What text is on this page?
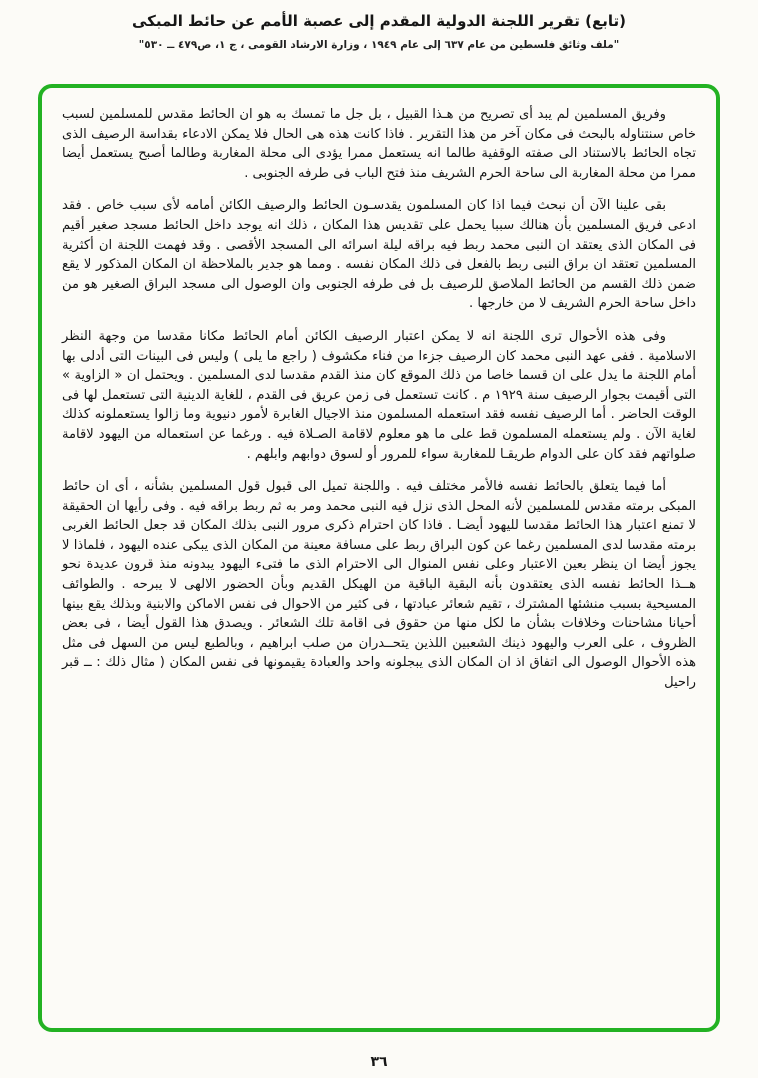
(تابع) تقرير اللجنة الدولية المقدم إلى عصبة الأمم عن حائط المبكى
"ملف وثائق فلسطين من عام ٦٣٧ إلى عام ١٩٤٩ ، وزارة الارشاد القومى ، ج ١، ص٤٧٩ ــ ٥٣٠"

وفريق المسلمين لم يبد أى تصريح من هـذا القبيل ، بل جل ما تمسك به هو ان الحائط مقدس للمسلمين لسبب خاص سنتناوله بالبحث فى مكان آخر من هذا التقرير . فاذا كانت هذه هى الحال فلا يمكن الادعاء بقداسة الرصيف الذى تجاه الحائط بالاستناد الى صفته الوقفية طالما انه يستعمل ممرا يؤدى الى محلة المغاربة وطالما أصبح يستعمل أيضا ممرا من محلة المغاربة الى ساحة الحرم الشريف منذ فتح الباب فى طرفه الجنوبى .

بقى علينا الآن أن نبحث فيما اذا كان المسلمون يقدسـون الحائط والرصيف الكائن أمامه لأى سبب خاص . فقد ادعى فريق المسلمين بأن هنالك سببا يحمل على تقديس هذا المكان ، ذلك انه يوجد داخل الحائط مسجد صغير أقيم فى المكان الذى يعتقد ان النبى محمد ربط فيه براقه ليلة اسرائه الى المسجد الأقصى . وقد فهمت اللجنة ان أكثرية المسلمين تعتقد ان براق النبى ربط بالفعل فى ذلك المكان نفسه . ومما هو جدير بالملاحظة ان المكان المذكور لا يقع ضمن ذلك القسم من الحائط الملاصق للرصيف بل فى طرفه الجنوبى وان الوصول الى مسجد البراق الصغير هو من داخل ساحة الحرم الشريف لا من خارجها .

وفى هذه الأحوال ترى اللجنة انه لا يمكن اعتبار الرصيف الكائن أمام الحائط مكانا مقدسا من وجهة النظر الاسلامية . ففى عهد النبى محمد كان الرصيف جزءا من فناء مكشوف ( راجع ما يلى ) وليس فى البينات التى أدلى بها أمام اللجنة ما يدل على ان قسما خاصا من ذلك الموقع كان منذ القدم مقدسا لدى المسلمين . ويحتمل ان « الزاوية » التى أقيمت بجوار الرصيف سنة ١٩٢٩ م . كانت تستعمل فى زمن عريق فى القدم ، للغاية الدينية التى تستعمل لها فى الوقت الحاضر . أما الرصيف نفسه فقد استعمله المسلمون منذ الاجيال الغابرة لأمور دنيوية وما زالوا يستعملونه كذلك لغاية الآن . ولم يستعمله المسلمون قط على ما هو معلوم لاقامة الصـلاة فيه . ورغما عن استعماله من اليهود لاقامة صلواتهم فقد كان على الدوام طريقـا للمغاربة سواء للمرور أو لسوق دوابهم وابلهم .

أما فيما يتعلق بالحائط نفسه فالأمر مختلف فيه . واللجنة تميل الى قبول قول المسلمين بشأنه ، أى ان حائط المبكى برمته مقدس للمسلمين لأنه المحل الذى نزل فيه النبى محمد ومر به ثم ربط براقه فيه . وفى رأيها ان الحقيقة لا تمنع اعتبار هذا الحائط مقدسا لليهود أيضـا . فاذا كان احترام ذكرى مرور النبى بذلك المكان قد جعل الحائط الغربى برمته مقدسا لدى المسلمين رغما عن كون البراق ربط على مسافة معينة من المكان الذى يبكى عنده اليهود ، فلماذا لا يجوز أيضا ان ينظر بعين الاعتبار وعلى نفس المنوال الى الاحترام الذى ما فتىء اليهود يبدونه منذ قرون عديدة نحو هــذا الحائط نفسه الذى يعتقدون بأنه البقية الباقية من الهيكل القديم وبأن الحضور الالهى لا يبرحه . والطوائف المسيحية بسبب منشئها المشترك ، تقيم شعائر عبادتها ، فى كثير من الاحوال فى نفس الاماكن والابنية وبذلك يقع بينها أحيانا مشاحنات وخلافات بشأن ما لكل منها من حقوق فى اقامة تلك الشعائر . ويصدق هذا القول أيضا ، فى بعض الظروف ، على العرب واليهود ذينك الشعبين اللذين يتحــدران من صلب ابراهيم ، وبالطبع ليس من السهل فى مثل هذه الأحوال الوصول الى اتفاق اذ ان المكان الذى يبجلونه واحد والعبادة يقيمونها فى نفس المكان ( مثال ذلك : ــ قبر راحيل

٣٦
